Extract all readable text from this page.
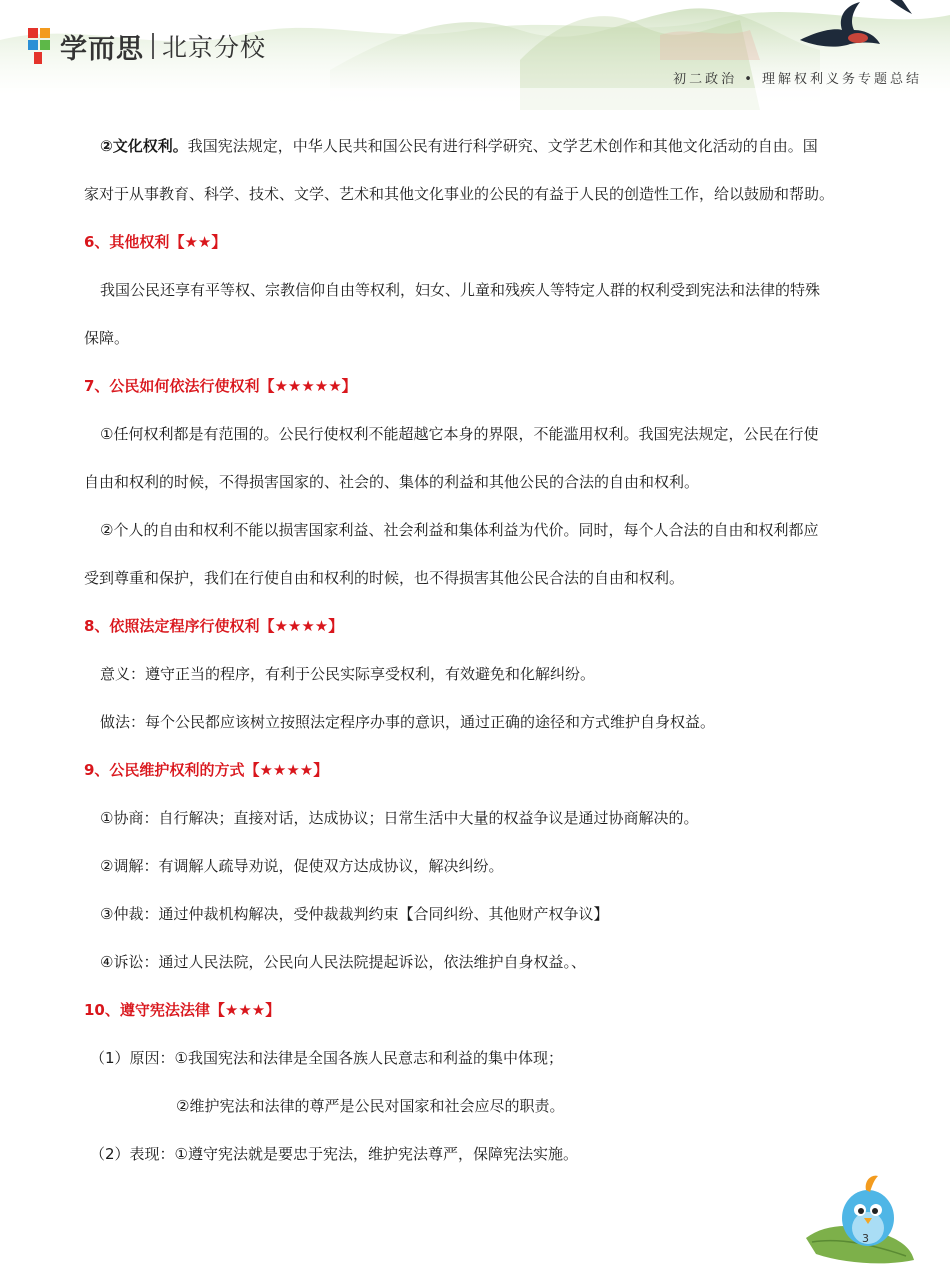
学而思 北京分校
初二政治 • 理解权利义务专题总结

②文化权利。我国宪法规定，中华人民共和国公民有进行科学研究、文学艺术创作和其他文化活动的自由。国

家对于从事教育、科学、技术、文学、艺术和其他文化事业的公民的有益于人民的创造性工作，给以鼓励和帮助。

6、其他权利【★★】

我国公民还享有平等权、宗教信仰自由等权利，妇女、儿童和残疾人等特定人群的权利受到宪法和法律的特殊

保障。

7、公民如何依法行使权利【★★★★★】

①任何权利都是有范围的。公民行使权利不能超越它本身的界限，不能滥用权利。我国宪法规定，公民在行使

自由和权利的时候，不得损害国家的、社会的、集体的利益和其他公民的合法的自由和权利。

②个人的自由和权利不能以损害国家利益、社会利益和集体利益为代价。同时，每个人合法的自由和权利都应

受到尊重和保护，我们在行使自由和权利的时候，也不得损害其他公民合法的自由和权利。

8、依照法定程序行使权利【★★★★】

意义：遵守正当的程序，有利于公民实际享受权利，有效避免和化解纠纷。

做法：每个公民都应该树立按照法定程序办事的意识，通过正确的途径和方式维护自身权益。

9、公民维护权利的方式【★★★★】

①协商：自行解决；直接对话，达成协议；日常生活中大量的权益争议是通过协商解决的。

②调解：有调解人疏导劝说，促使双方达成协议，解决纠纷。

③仲裁：通过仲裁机构解决，受仲裁裁判约束【合同纠纷、其他财产权争议】

④诉讼：通过人民法院，公民向人民法院提起诉讼，依法维护自身权益。、

10、遵守宪法法律【★★★】

（1）原因：①我国宪法和法律是全国各族人民意志和利益的集中体现；

②维护宪法和法律的尊严是公民对国家和社会应尽的职责。

（2）表现：①遵守宪法就是要忠于宪法，维护宪法尊严，保障宪法实施。

3
